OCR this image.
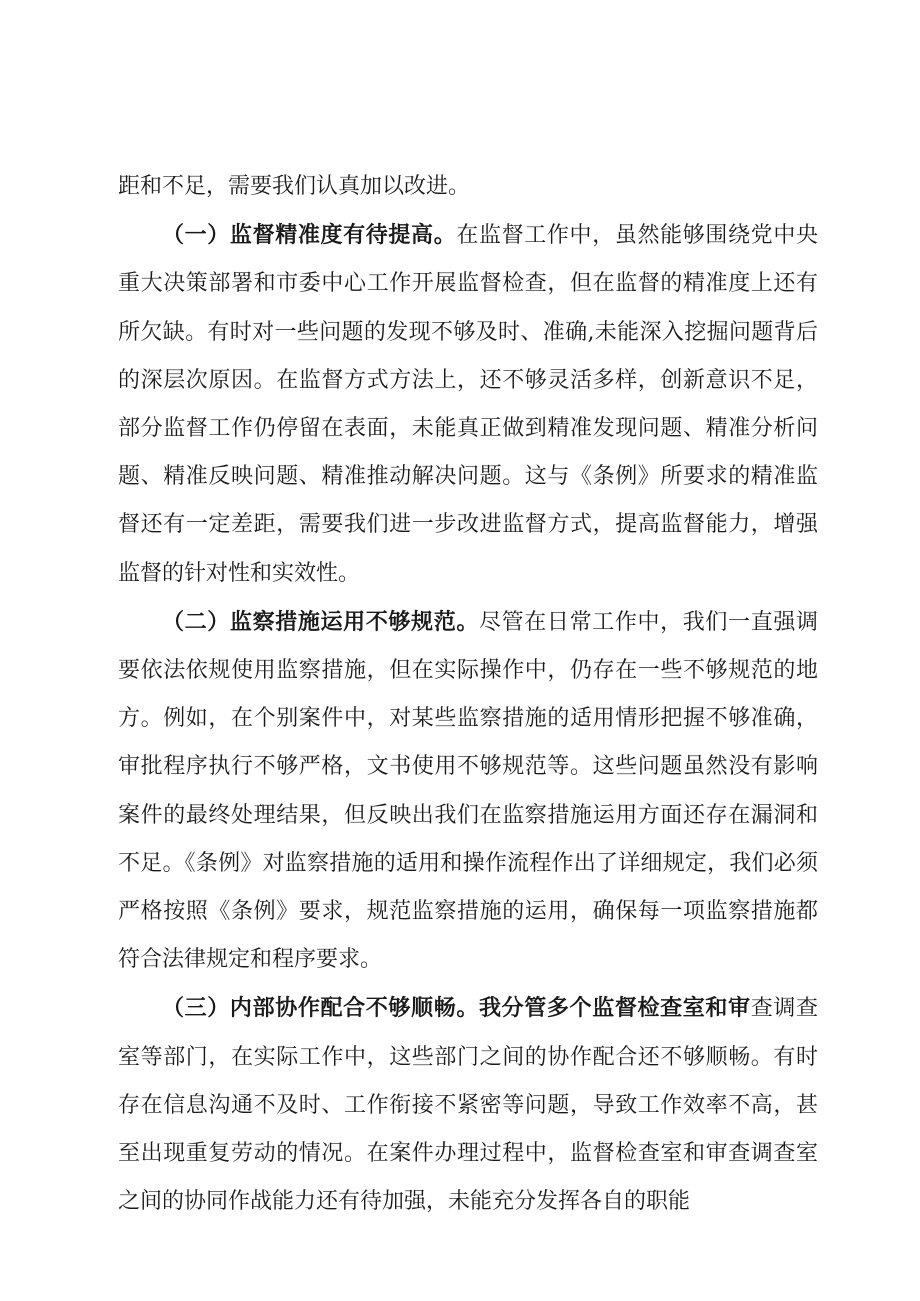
距和不足，需要我们认真加以改进。

（一）监督精准度有待提高。在监督工作中，虽然能够围绕党中央重大决策部署和市委中心工作开展监督检查，但在监督的精准度上还有所欠缺。有时对一些问题的发现不够及时、准确,未能深入挖掘问题背后的深层次原因。在监督方式方法上，还不够灵活多样，创新意识不足，部分监督工作仍停留在表面，未能真正做到精准发现问题、精准分析问题、精准反映问题、精准推动解决问题。这与《条例》所要求的精准监督还有一定差距，需要我们进一步改进监督方式，提高监督能力，增强监督的针对性和实效性。

（二）监察措施运用不够规范。尽管在日常工作中，我们一直强调要依法依规使用监察措施，但在实际操作中，仍存在一些不够规范的地方。例如，在个别案件中，对某些监察措施的适用情形把握不够准确，审批程序执行不够严格，文书使用不够规范等。这些问题虽然没有影响案件的最终处理结果，但反映出我们在监察措施运用方面还存在漏洞和不足。《条例》对监察措施的适用和操作流程作出了详细规定，我们必须严格按照《条例》要求，规范监察措施的运用，确保每一项监察措施都符合法律规定和程序要求。

（三）内部协作配合不够顺畅。我分管多个监督检查室和审查调查室等部门，在实际工作中，这些部门之间的协作配合还不够顺畅。有时存在信息沟通不及时、工作衔接不紧密等问题，导致工作效率不高，甚至出现重复劳动的情况。在案件办理过程中，监督检查室和审查调查室之间的协同作战能力还有待加强，未能充分发挥各自的职能
